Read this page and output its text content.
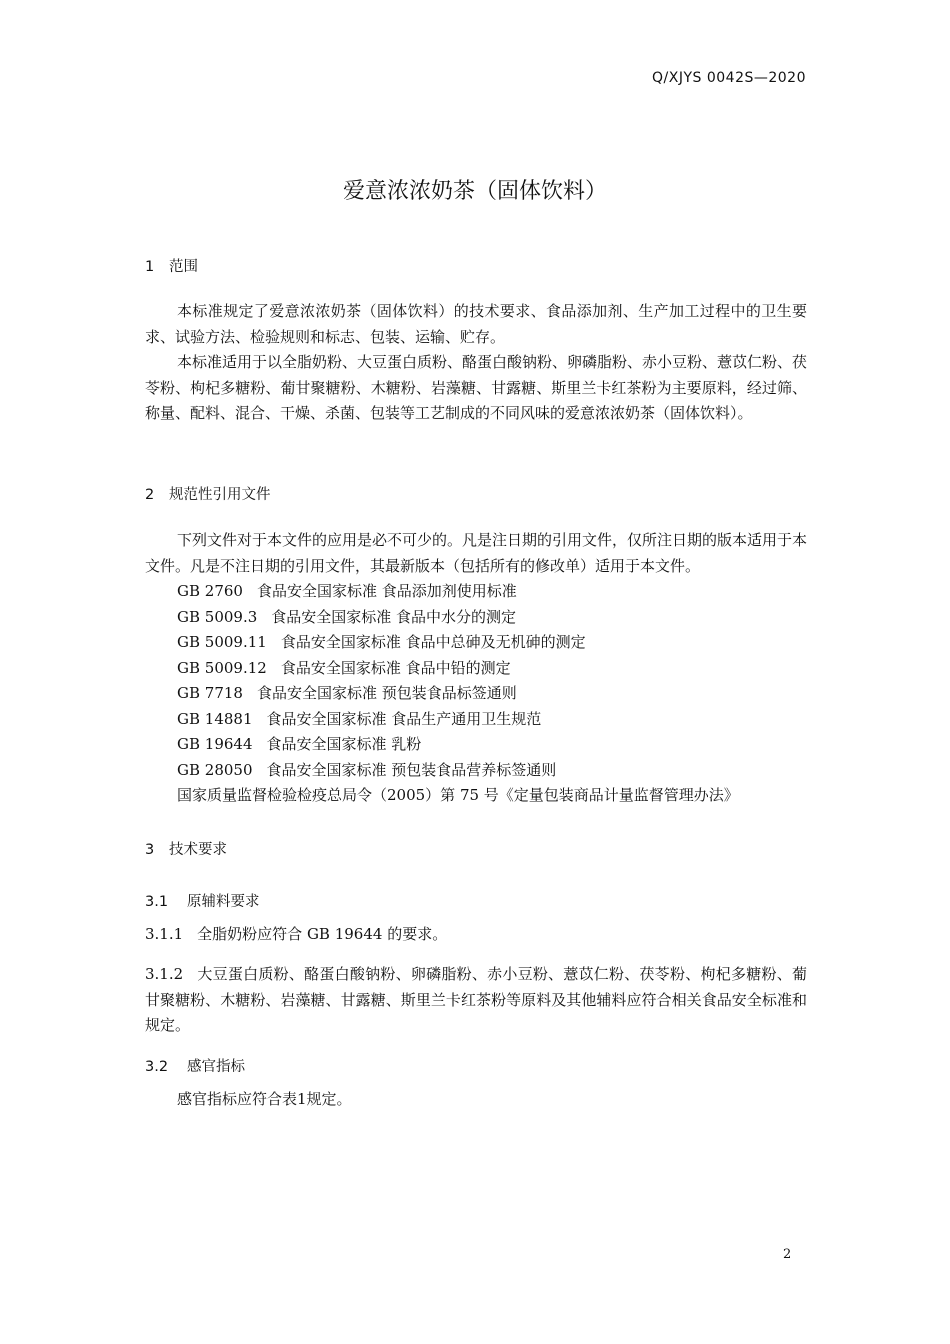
Q/XJYS 0042S—2020
爱意浓浓奶茶（固体饮料）
1 范围
本标准规定了爱意浓浓奶茶（固体饮料）的技术要求、食品添加剂、生产加工过程中的卫生要求、试验方法、检验规则和标志、包装、运输、贮存。
本标准适用于以全脂奶粉、大豆蛋白质粉、酪蛋白酸钠粉、卵磷脂粉、赤小豆粉、薏苡仁粉、茯苓粉、枸杞多糖粉、葡甘聚糖粉、木糖粉、岩藻糖、甘露糖、斯里兰卡红茶粉为主要原料，经过筛、称量、配料、混合、干燥、杀菌、包装等工艺制成的不同风味的爱意浓浓奶茶（固体饮料）。
2 规范性引用文件
下列文件对于本文件的应用是必不可少的。凡是注日期的引用文件，仅所注日期的版本适用于本文件。凡是不注日期的引用文件，其最新版本（包括所有的修改单）适用于本文件。
GB 2760 食品安全国家标准 食品添加剂使用标准
GB 5009.3 食品安全国家标准 食品中水分的测定
GB 5009.11 食品安全国家标准 食品中总砷及无机砷的测定
GB 5009.12 食品安全国家标准 食品中铅的测定
GB 7718 食品安全国家标准 预包装食品标签通则
GB 14881 食品安全国家标准 食品生产通用卫生规范
GB 19644 食品安全国家标准 乳粉
GB 28050 食品安全国家标准 预包装食品营养标签通则
国家质量监督检验检疫总局令（2005）第 75 号《定量包装商品计量监督管理办法》
3 技术要求
3.1 原辅料要求
3.1.1 全脂奶粉应符合 GB 19644 的要求。
3.1.2 大豆蛋白质粉、酪蛋白酸钠粉、卵磷脂粉、赤小豆粉、薏苡仁粉、茯苓粉、枸杞多糖粉、葡甘聚糖粉、木糖粉、岩藻糖、甘露糖、斯里兰卡红茶粉等原料及其他辅料应符合相关食品安全标准和规定。
3.2 感官指标
感官指标应符合表1规定。
2
